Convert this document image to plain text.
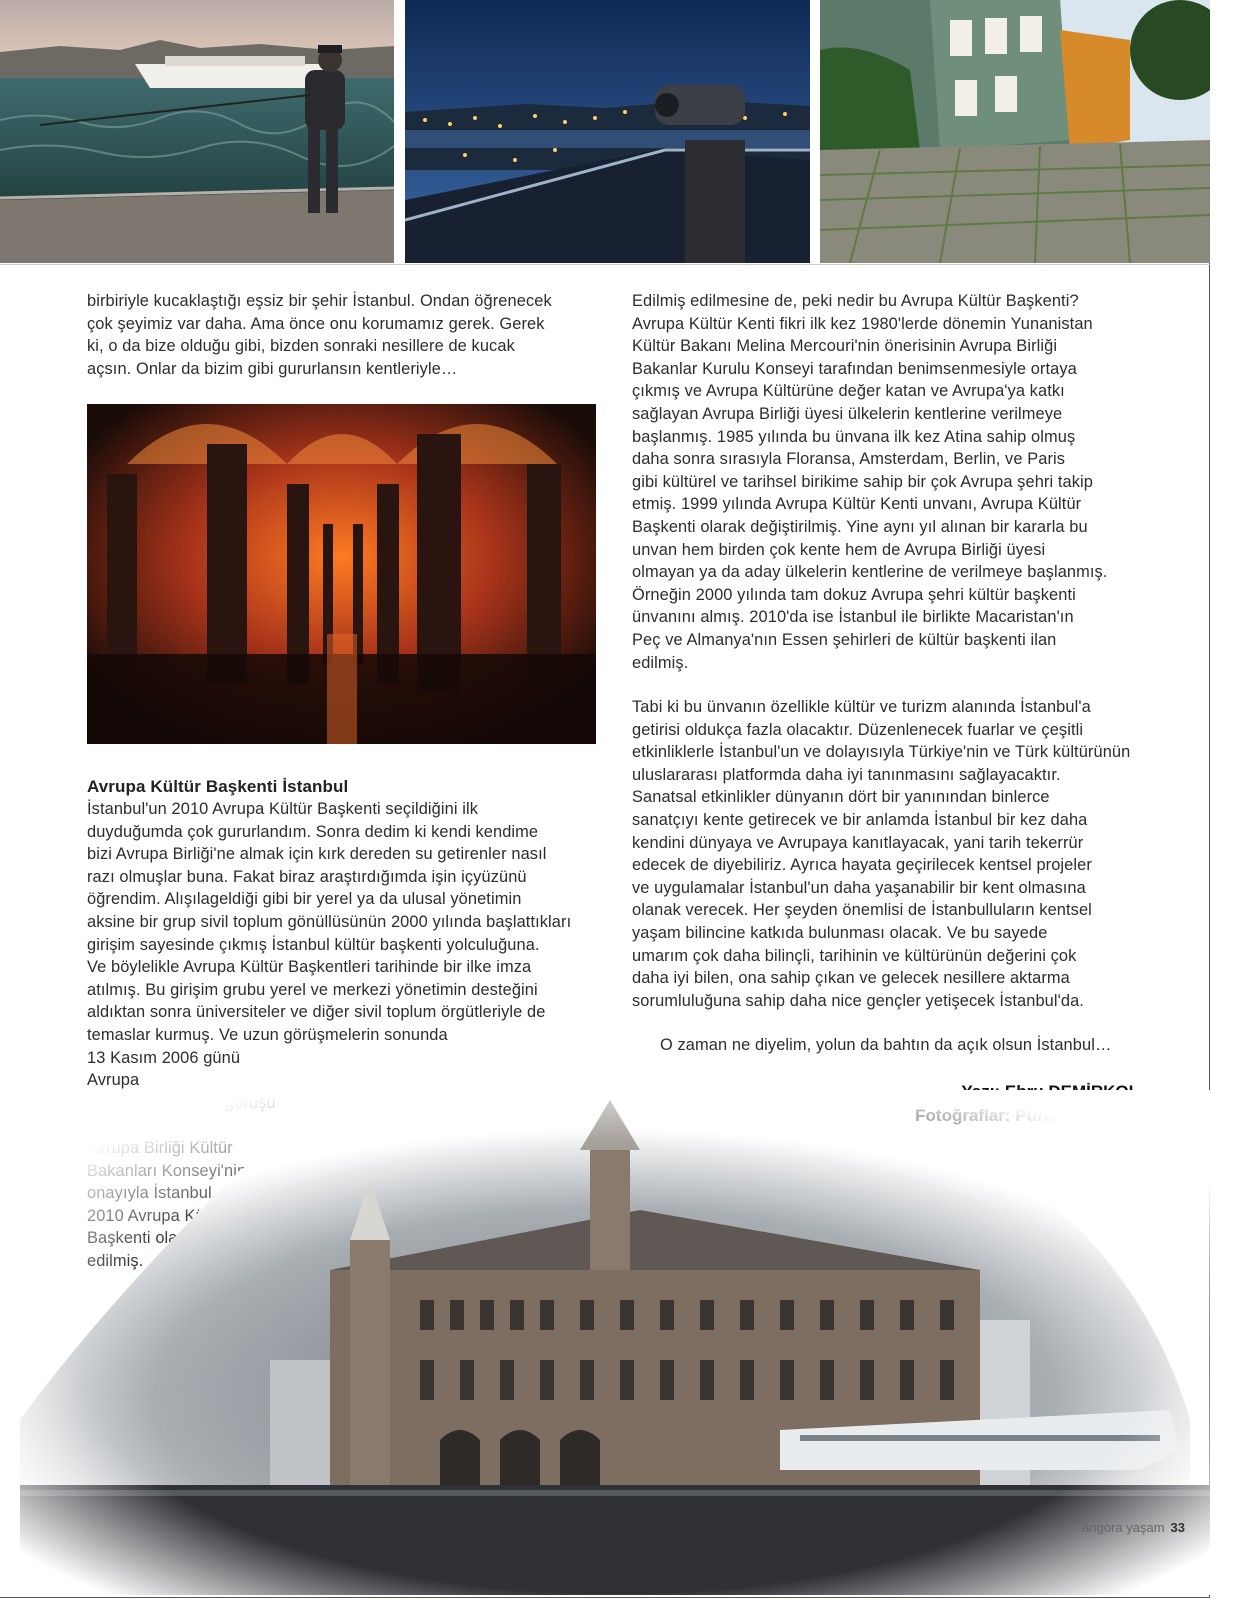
birbiriyle kucaklaştığı eşsiz bir şehir İstanbul. Ondan öğrenecek
çok şeyimiz var daha. Ama önce onu korumamız gerek. Gerek
ki, o da bize olduğu gibi, bizden sonraki nesillere de kucak
açsın. Onlar da bizim gibi gururlansın kentleriyle…

Avrupa Kültür Başkenti İstanbul

İstanbul'un 2010 Avrupa Kültür Başkenti seçildiğini ilk
duyduğumda çok gururlandım. Sonra dedim ki kendi kendime
bizi Avrupa Birliği'ne almak için kırk dereden su getirenler nasıl
razı olmuşlar buna. Fakat biraz araştırdığımda işin içyüzünü
öğrendim. Alışılageldiği gibi bir yerel ya da ulusal yönetimin
aksine bir grup sivil toplum gönüllüsünün 2000 yılında başlattıkları
girişim sayesinde çıkmış İstanbul kültür başkenti yolculuğuna.
Ve böylelikle Avrupa Kültür Başkentleri tarihinde bir ilke imza
atılmış. Bu girişim grubu yerel ve merkezi yönetimin desteğini
aldıktan sonra üniversiteler ve diğer sivil toplum örgütleriyle de
temaslar kurmuş. Ve uzun görüşmelerin sonunda

13 Kasım 2006 günü Avrupa

Edilmiş edilmesine de, peki nedir bu Avrupa Kültür Başkenti?
Avrupa Kültür Kenti fikri ilk kez 1980'lerde dönemin Yunanistan
Kültür Bakanı Melina Mercouri'nin önerisinin Avrupa Birliği
Bakanlar Kurulu Konseyi tarafından benimsenmesiyle ortaya
çıkmış ve Avrupa Kültürüne değer katan ve Avrupa'ya katkı
sağlayan Avrupa Birliği üyesi ülkelerin kentlerine verilmeye
başlanmış. 1985 yılında bu ünvana ilk kez Atina sahip olmuş
daha sonra sırasıyla Floransa, Amsterdam, Berlin, ve Paris
gibi kültürel ve tarihsel birikime sahip bir çok Avrupa şehri takip
etmiş. 1999 yılında Avrupa Kültür Kenti unvanı, Avrupa Kültür
Başkenti olarak değiştirilmiş. Yine aynı yıl alınan bir kararla bu
unvan hem birden çok kente hem de Avrupa Birliği üyesi
olmayan ya da aday ülkelerin kentlerine de verilmeye başlanmış.
Örneğin 2000 yılında tam dokuz Avrupa şehri kültür başkenti
ünvanını almış. 2010'da ise İstanbul ile birlikte Macaristan'ın
Peç ve Almanya'nın Essen şehirleri de kültür başkenti ilan
edilmiş.

Tabi ki bu ünvanın özellikle kültür ve turizm alanında İstanbul'a
getirisi oldukça fazla olacaktır. Düzenlenecek fuarlar ve çeşitli
etkinliklerle İstanbul'un ve dolayısıyla Türkiye'nin ve Türk kültürünün
uluslararası platformda daha iyi tanınmasını sağlayacaktır.
Sanatsal etkinlikler dünyanın dört bir yanınından binlerce
sanatçıyı kente getirecek ve bir anlamda İstanbul bir kez daha
kendini dünyaya ve Avrupaya kanıtlayacak, yani tarih tekerrür
edecek de diyebiliriz. Ayrıca hayata geçirilecek kentsel projeler
ve uygulamalar İstanbul'un daha yaşanabilir bir kent olmasına
olanak verecek. Her şeyden önemlisi de İstanbulluların kentsel
yaşam bilincine katkıda bulunması olacak. Ve bu sayede
umarım çok daha bilinçli, tarihinin ve kültürünün değerini çok
daha iyi bilen, ona sahip çıkan ve gelecek nesillere aktarma
sorumluluğuna sahip daha nice gençler yetişecek İstanbul'da.

O zaman ne diyelim, yolun da bahtın da açık olsun İstanbul…

angora yaşam 33
